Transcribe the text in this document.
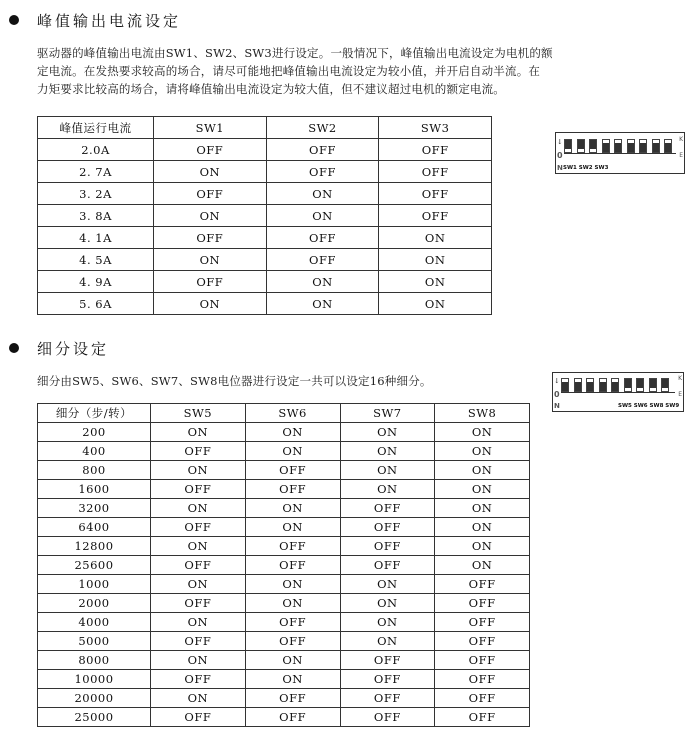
峰值输出电流设定
驱动器的峰值输出电流由SW1、SW2、SW3进行设定。一般情况下，峰值输出电流设定为电机的额
定电流。在发热要求较高的场合，请尽可能地把峰值输出电流设定为较小值，并开启自动半流。在
力矩要求比较高的场合，请将峰值输出电流设定为较大值，但不建议超过电机的额定电流。
峰值运行电流	SW1	SW2	SW3
2.0A	OFF	OFF	OFF
2. 7A	ON	OFF	OFF
3. 2A	OFF	ON	OFF
3. 8A	ON	ON	OFF
4. 1A	OFF	OFF	ON
4. 5A	ON	OFF	ON
4. 9A	OFF	ON	ON
5. 6A	ON	ON	ON
↓
0
N
K
E
SW1 SW2 SW3
细分设定
细分由SW5、SW6、SW7、SW8电位器进行设定一共可以设定16种细分。
细分（步/转）	SW5	SW6	SW7	SW8
200	ON	ON	ON	ON
400	OFF	ON	ON	ON
800	ON	OFF	ON	ON
1600	OFF	OFF	ON	ON
3200	ON	ON	OFF	ON
6400	OFF	ON	OFF	ON
12800	ON	OFF	OFF	ON
25600	OFF	OFF	OFF	ON
1000	ON	ON	ON	OFF
2000	OFF	ON	ON	OFF
4000	ON	OFF	ON	OFF
5000	OFF	OFF	ON	OFF
8000	ON	ON	OFF	OFF
10000	OFF	ON	OFF	OFF
20000	ON	OFF	OFF	OFF
25000	OFF	OFF	OFF	OFF
↓
0
N
K
E
SW5 SW6 SW8 SW9
